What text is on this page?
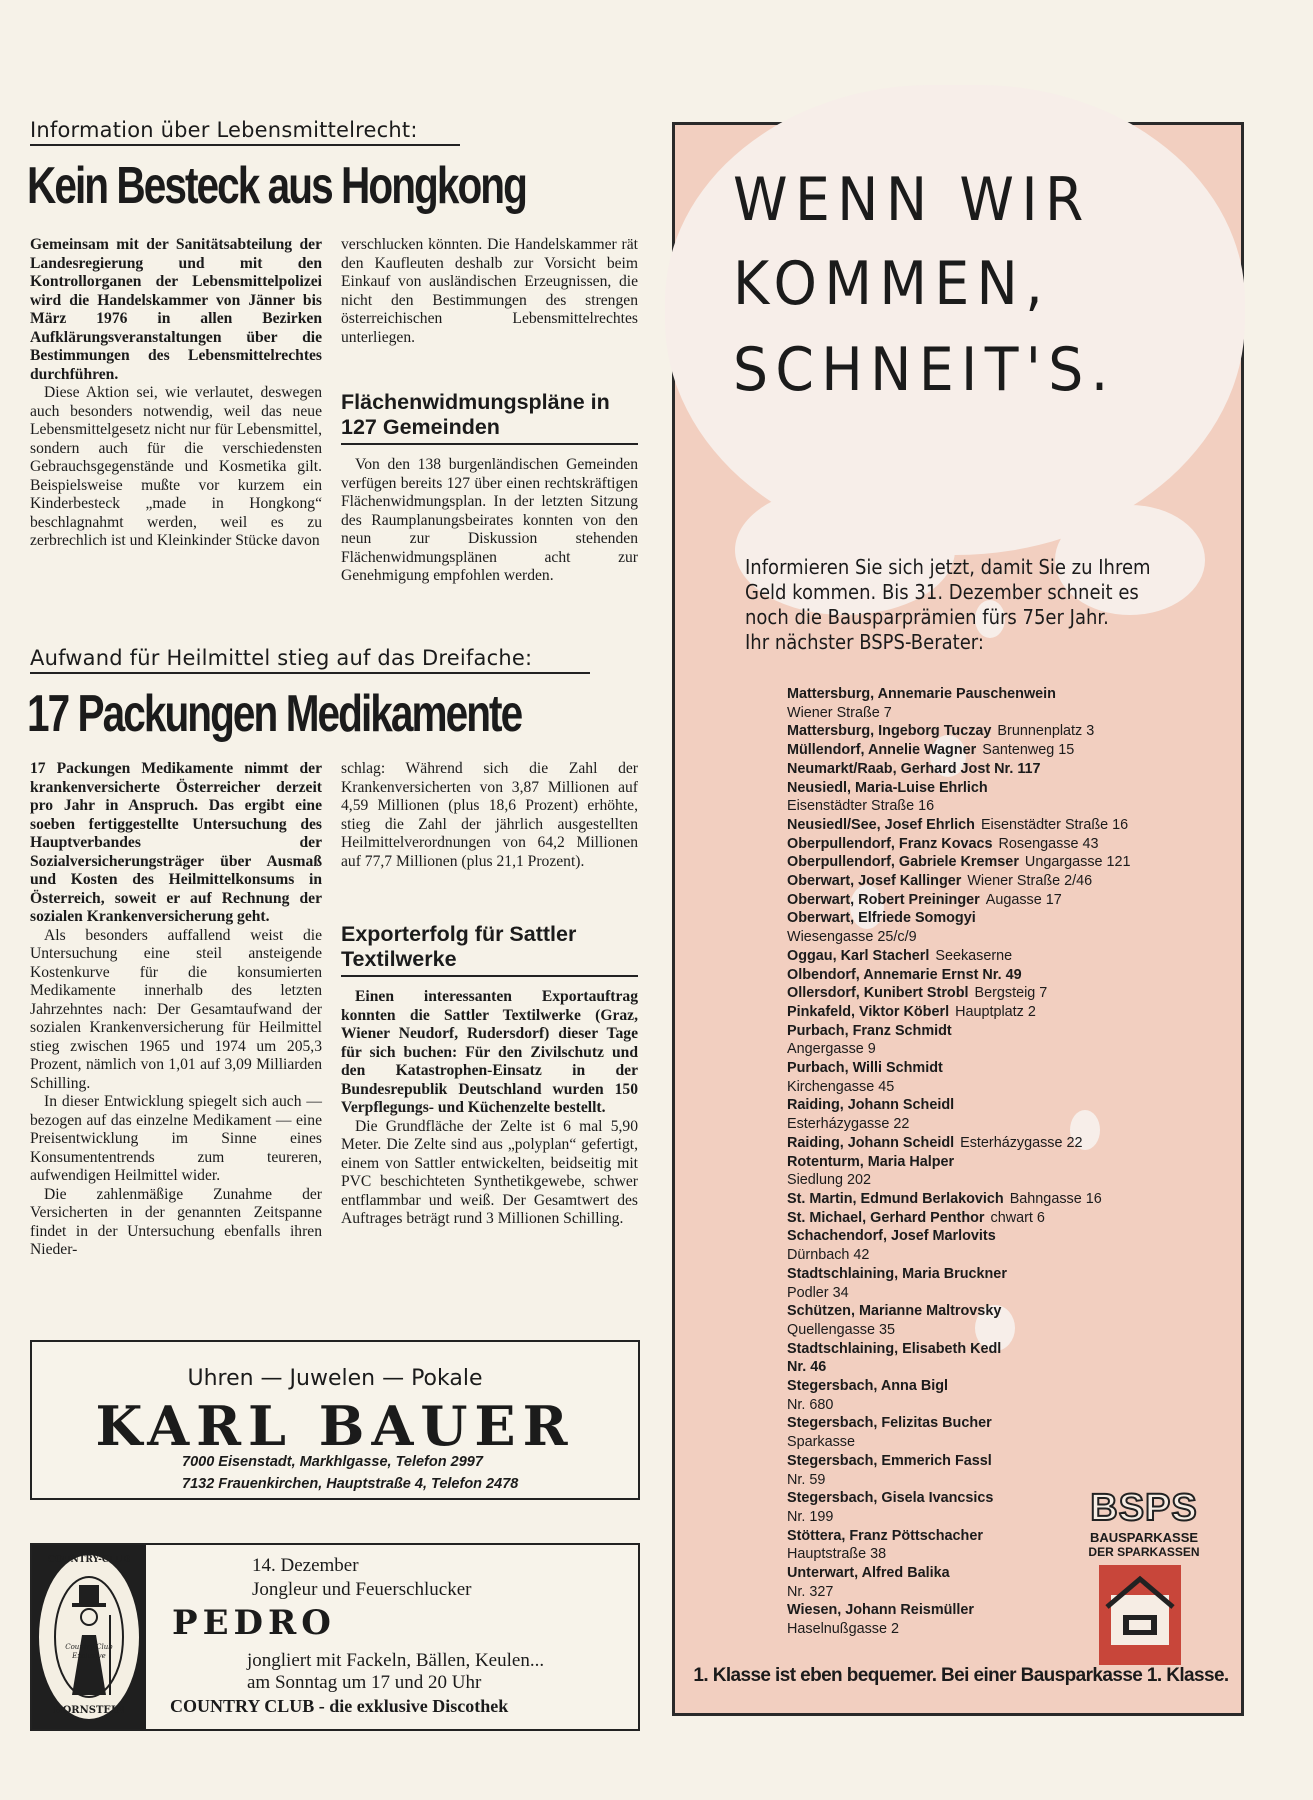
Information über Lebensmittelrecht:
Kein Besteck aus Hongkong

Gemeinsam mit der Sanitätsabteilung der Landesregierung und mit den Kontrollorganen der Lebensmittelpolizei wird die Handelskammer von Jänner bis März 1976 in allen Bezirken Aufklärungsveranstaltungen über die Bestimmungen des Lebensmittelrechtes durchführen.

Diese Aktion sei, wie verlautet, deswegen auch besonders notwendig, weil das neue Lebensmittelgesetz nicht nur für Lebensmittel, sondern auch für die verschiedensten Gebrauchsgegenstände und Kosmetika gilt. Beispielsweise mußte vor kurzem ein Kinderbesteck „made in Hongkong“ beschlagnahmt werden, weil es zu zerbrechlich ist und Kleinkinder Stücke davon

verschlucken könnten. Die Handelskammer rät den Kaufleuten deshalb zur Vorsicht beim Einkauf von ausländischen Erzeugnissen, die nicht den Bestimmungen des strengen österreichischen Lebensmittelrechtes unterliegen.

Flächenwidmungspläne in 127 Gemeinden

Von den 138 burgenländischen Gemeinden verfügen bereits 127 über einen rechtskräftigen Flächenwidmungsplan. In der letzten Sitzung des Raumplanungsbeirates konnten von den neun zur Diskussion stehenden Flächenwidmungsplänen acht zur Genehmigung empfohlen werden.

Aufwand für Heilmittel stieg auf das Dreifache:
17 Packungen Medikamente

17 Packungen Medikamente nimmt der krankenversicherte Österreicher derzeit pro Jahr in Anspruch. Das ergibt eine soeben fertiggestellte Untersuchung des Hauptverbandes der Sozialversicherungsträger über Ausmaß und Kosten des Heilmittelkonsums in Österreich, soweit er auf Rechnung der sozialen Krankenversicherung geht.

Als besonders auffallend weist die Untersuchung eine steil ansteigende Kostenkurve für die konsumierten Medikamente innerhalb des letzten Jahrzehntes nach: Der Gesamtaufwand der sozialen Krankenversicherung für Heilmittel stieg zwischen 1965 und 1974 um 205,3 Prozent, nämlich von 1,01 auf 3,09 Milliarden Schilling.

In dieser Entwicklung spiegelt sich auch — bezogen auf das einzelne Medikament — eine Preisentwicklung im Sinne eines Konsumententrends zum teureren, aufwendigen Heilmittel wider.

Die zahlenmäßige Zunahme der Versicherten in der genannten Zeitspanne findet in der Untersuchung ebenfalls ihren Nieder-

schlag: Während sich die Zahl der Krankenversicherten von 3,87 Millionen auf 4,59 Millionen (plus 18,6 Prozent) erhöhte, stieg die Zahl der jährlich ausgestellten Heilmittelverordnungen von 64,2 Millionen auf 77,7 Millionen (plus 21,1 Prozent).

Exporterfolg für Sattler Textilwerke

Einen interessanten Exportauftrag konnten die Sattler Textilwerke (Graz, Wiener Neudorf, Rudersdorf) dieser Tage für sich buchen: Für den Zivilschutz und den Katastrophen-Einsatz in der Bundesrepublik Deutschland wurden 150 Verpflegungs- und Küchenzelte bestellt.

Die Grundfläche der Zelte ist 6 mal 5,90 Meter. Die Zelte sind aus „polyplan“ gefertigt, einem von Sattler entwickelten, beidseitig mit PVC beschichteten Synthetikgewebe, schwer entflammbar und weiß. Der Gesamtwert des Auftrages beträgt rund 3 Millionen Schilling.

Uhren — Juwelen — Pokale
KARL BAUER
7000 Eisenstadt, Markhlgasse, Telefon 2997
7132 Frauenkirchen, Hauptstraße 4, Telefon 2478
COUNTRY-CLUB
Country Club Exclusive
HORNSTEIN
14. Dezember
Jongleur und Feuerschlucker
PEDRO
jongliert mit Fackeln, Bällen, Keulen...
am Sonntag um 17 und 20 Uhr
COUNTRY CLUB - die exklusive Discothek
WENN WIR
KOMMEN,
SCHNEIT'S.
Informieren Sie sich jetzt, damit Sie zu Ihrem
Geld kommen. Bis 31. Dezember schneit es
noch die Bausparprämien fürs 75er Jahr.
Ihr nächster BSPS-Berater:
Mattersburg, Annemarie Pauschenwein
Wiener Straße 7
Mattersburg, Ingeborg Tuczay Brunnenplatz 3
Müllendorf, Annelie Wagner Santenweg 15
Neumarkt/Raab, Gerhard Jost Nr. 117
Neusiedl, Maria-Luise Ehrlich
Eisenstädter Straße 16
Neusiedl/See, Josef Ehrlich Eisenstädter Straße 16
Oberpullendorf, Franz Kovacs Rosengasse 43
Oberpullendorf, Gabriele Kremser Ungargasse 121
Oberwart, Josef Kallinger Wiener Straße 2/46
Oberwart, Robert Preininger Augasse 17
Oberwart, Elfriede Somogyi
Wiesengasse 25/c/9
Oggau, Karl Stacherl Seekaserne
Olbendorf, Annemarie Ernst Nr. 49
Ollersdorf, Kunibert Strobl Bergsteig 7
Pinkafeld, Viktor Köberl Hauptplatz 2
Purbach, Franz Schmidt
Angergasse 9
Purbach, Willi Schmidt
Kirchengasse 45
Raiding, Johann Scheidl
Esterházygasse 22
Raiding, Johann Scheidl Esterházygasse 22
Rotenturm, Maria Halper
Siedlung 202
St. Martin, Edmund Berlakovich Bahngasse 16
St. Michael, Gerhard Penthor chwart 6
Schachendorf, Josef Marlovits
Dürnbach 42
Stadtschlaining, Maria Bruckner
Podler 34
Schützen, Marianne Maltrovsky
Quellengasse 35
Stadtschlaining, Elisabeth Kedl
Nr. 46
Stegersbach, Anna Bigl
Nr. 680
Stegersbach, Felizitas Bucher
Sparkasse
Stegersbach, Emmerich Fassl
Nr. 59
Stegersbach, Gisela Ivancsics
Nr. 199
Stöttera, Franz Pöttschacher
Hauptstraße 38
Unterwart, Alfred Balika
Nr. 327
Wiesen, Johann Reismüller
Haselnußgasse 2
BSPS
BAUSPARKASSE
DER SPARKASSEN
1. Klasse ist eben bequemer. Bei einer Bausparkasse 1. Klasse.
